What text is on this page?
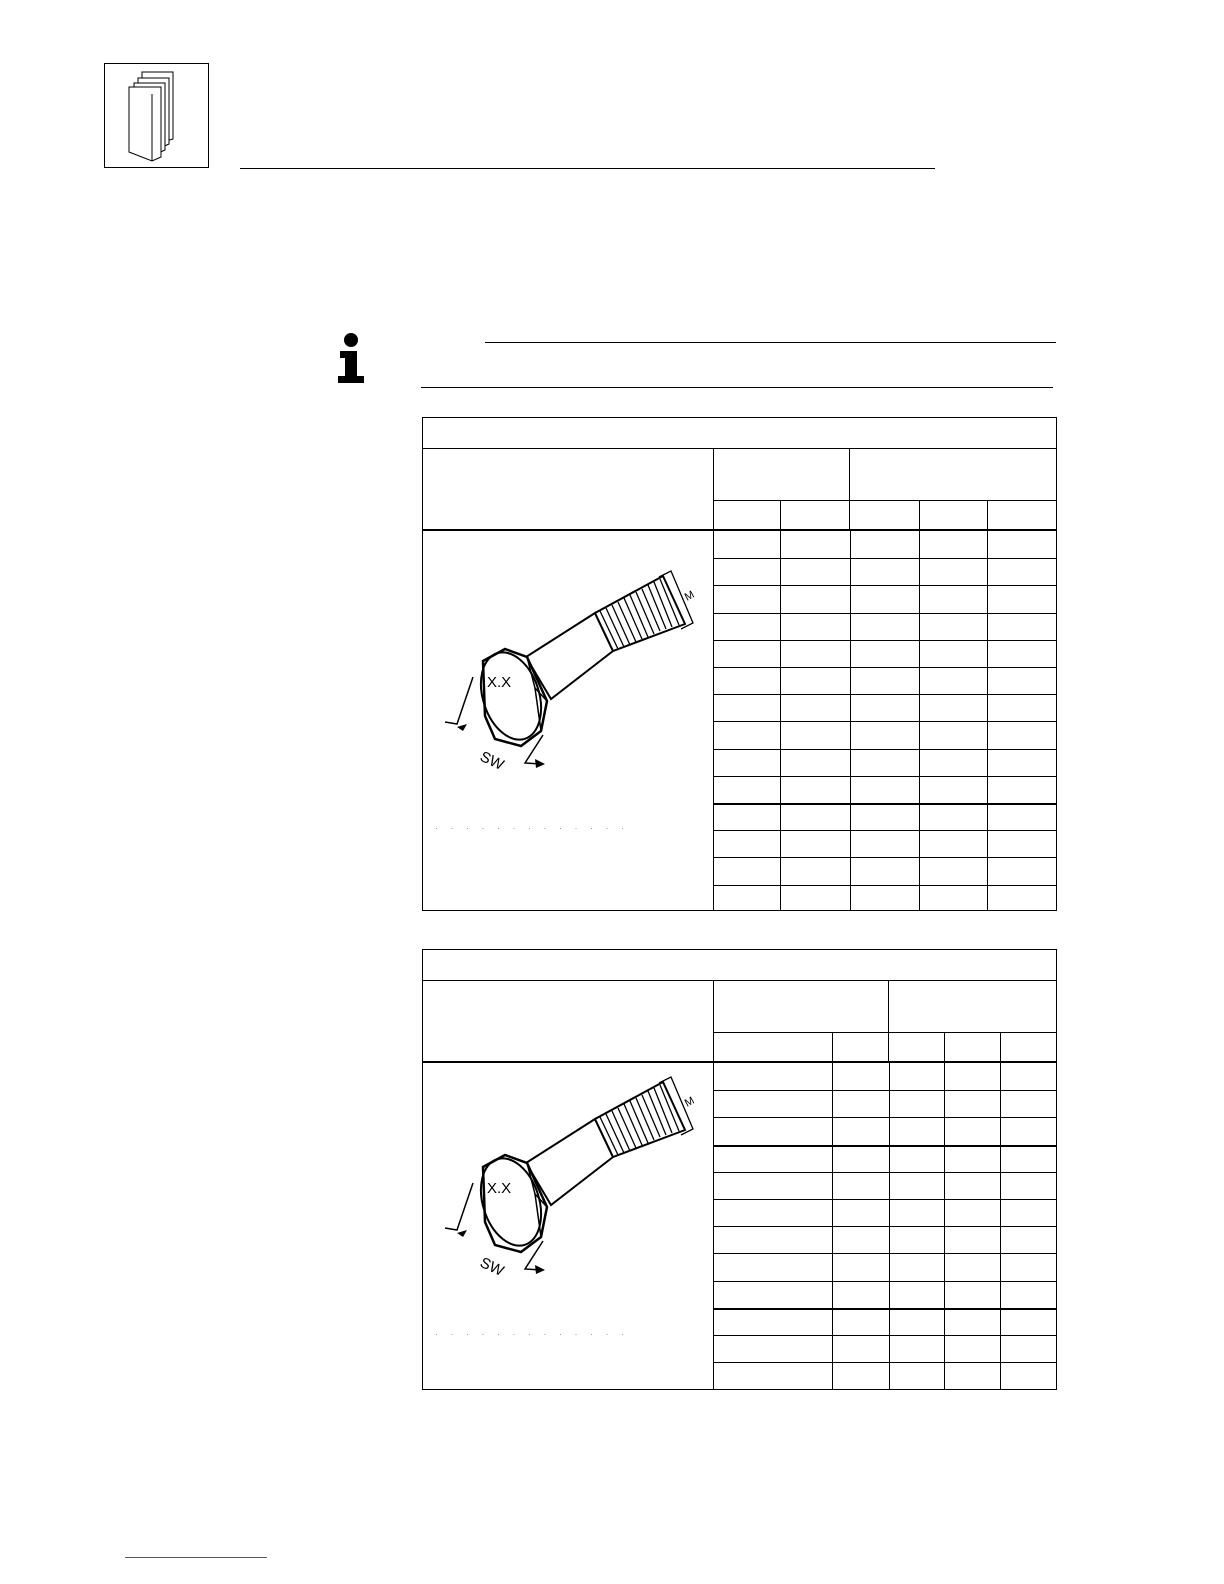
X.X
SW
M
· · · · · · · · · · · · ·
X.X
SW
M
· · · · · · · · · · · · ·
